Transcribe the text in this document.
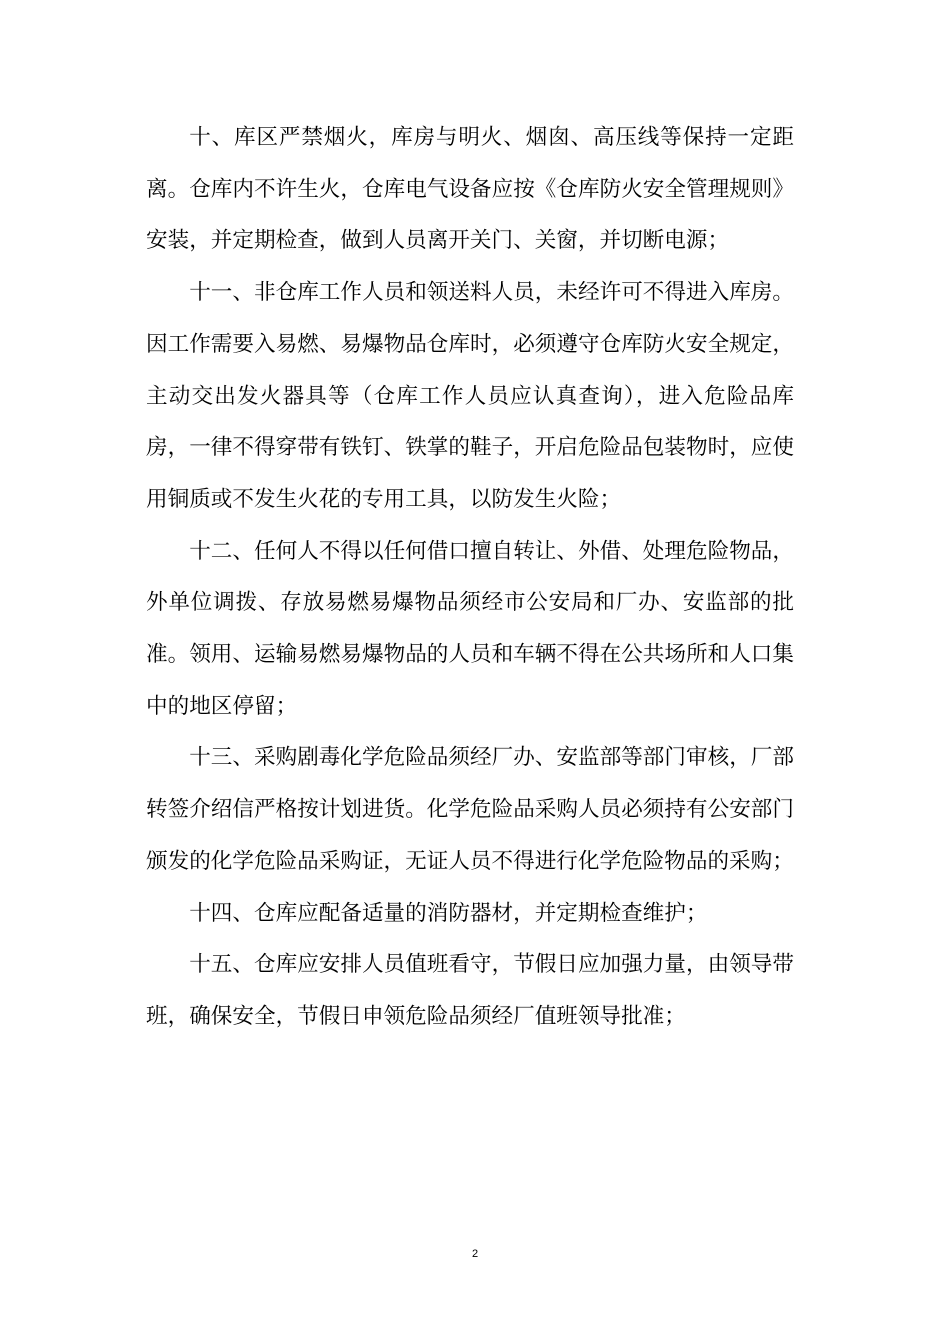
十、库区严禁烟火，库房与明火、烟囱、高压线等保持一定距离。仓库内不许生火，仓库电气设备应按《仓库防火安全管理规则》安装，并定期检查，做到人员离开关门、关窗，并切断电源；

十一、非仓库工作人员和领送料人员，未经许可不得进入库房。因工作需要入易燃、易爆物品仓库时，必须遵守仓库防火安全规定，主动交出发火器具等（仓库工作人员应认真查询），进入危险品库房，一律不得穿带有铁钉、铁掌的鞋子，开启危险品包装物时，应使用铜质或不发生火花的专用工具，以防发生火险；

十二、任何人不得以任何借口擅自转让、外借、处理危险物品，外单位调拨、存放易燃易爆物品须经市公安局和厂办、安监部的批准。领用、运输易燃易爆物品的人员和车辆不得在公共场所和人口集中的地区停留；

十三、采购剧毒化学危险品须经厂办、安监部等部门审核，厂部转签介绍信严格按计划进货。化学危险品采购人员必须持有公安部门颁发的化学危险品采购证，无证人员不得进行化学危险物品的采购；

十四、仓库应配备适量的消防器材，并定期检查维护；

十五、仓库应安排人员值班看守，节假日应加强力量，由领导带班，确保安全，节假日申领危险品须经厂值班领导批准；

2
